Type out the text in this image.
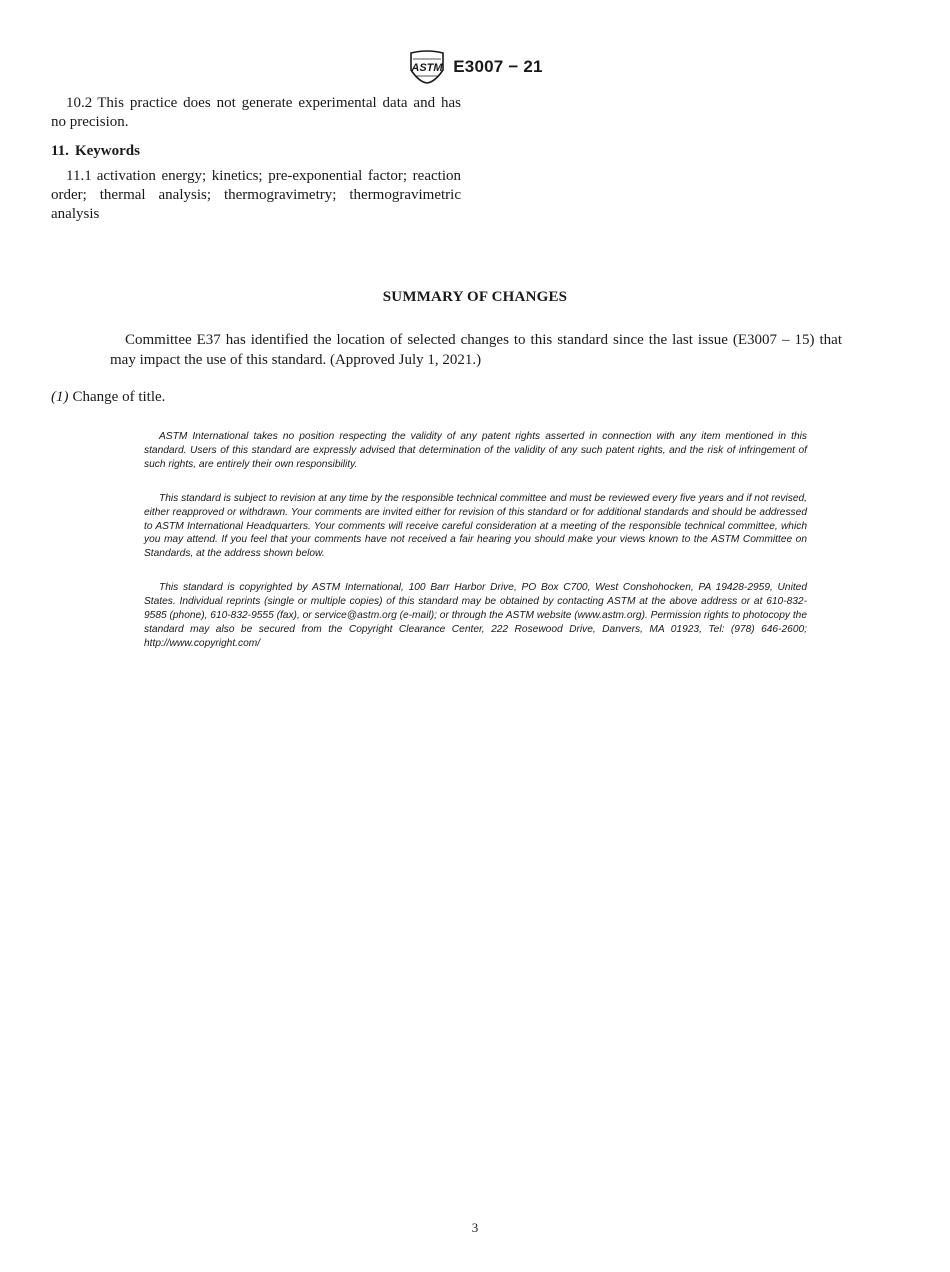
ASTM E3007 − 21

10.2 This practice does not generate experimental data and has no precision.

11. Keywords

11.1 activation energy; kinetics; pre-exponential factor; reaction order; thermal analysis; thermogravimetry; thermogravimetric analysis

SUMMARY OF CHANGES

Committee E37 has identified the location of selected changes to this standard since the last issue (E3007 – 15) that may impact the use of this standard. (Approved July 1, 2021.)

(1) Change of title.

ASTM International takes no position respecting the validity of any patent rights asserted in connection with any item mentioned in this standard. Users of this standard are expressly advised that determination of the validity of any such patent rights, and the risk of infringement of such rights, are entirely their own responsibility.

This standard is subject to revision at any time by the responsible technical committee and must be reviewed every five years and if not revised, either reapproved or withdrawn. Your comments are invited either for revision of this standard or for additional standards and should be addressed to ASTM International Headquarters. Your comments will receive careful consideration at a meeting of the responsible technical committee, which you may attend. If you feel that your comments have not received a fair hearing you should make your views known to the ASTM Committee on Standards, at the address shown below.

This standard is copyrighted by ASTM International, 100 Barr Harbor Drive, PO Box C700, West Conshohocken, PA 19428-2959, United States. Individual reprints (single or multiple copies) of this standard may be obtained by contacting ASTM at the above address or at 610-832-9585 (phone), 610-832-9555 (fax), or service@astm.org (e-mail); or through the ASTM website (www.astm.org). Permission rights to photocopy the standard may also be secured from the Copyright Clearance Center, 222 Rosewood Drive, Danvers, MA 01923, Tel: (978) 646-2600; http://www.copyright.com/

3
